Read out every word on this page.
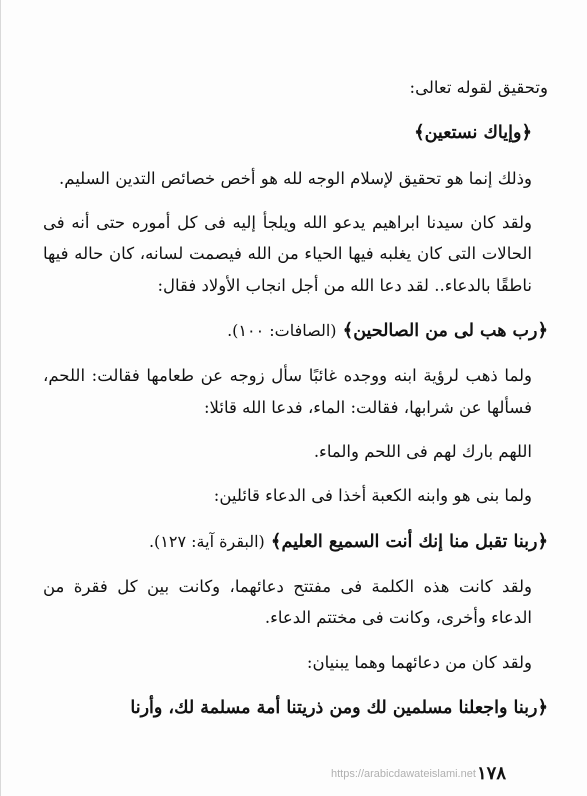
وتحقيق لقوله تعالى:

﴿وإياك نستعين﴾

وذلك إنما هو تحقيق لإسلام الوجه لله هو أخص خصائص التدين السليم.

ولقد كان سيدنا ابراهيم يدعو الله ويلجأ إليه فى كل أموره حتى أنه فى الحالات التى كان يغلبه فيها الحياء من الله فيصمت لسانه، كان حاله فيها ناطقًا بالدعاء.. لقد دعا الله من أجل انجاب الأولاد فقال:

﴿رب هب لى من الصالحين﴾ (الصافات: ١٠٠).

ولما ذهب لرؤية ابنه ووجده غائبًا سأل زوجه عن طعامها فقالت: اللحم، فسألها عن شرابها، فقالت: الماء، فدعا الله قائلا:

اللهم بارك لهم فى اللحم والماء.

ولما بنى هو وابنه الكعبة أخذا فى الدعاء قائلين:

﴿ربنا تقبل منا إنك أنت السميع العليم﴾ (البقرة آية: ١٢٧).

ولقد كانت هذه الكلمة فى مفتتح دعائهما، وكانت بين كل فقرة من الدعاء وأخرى، وكانت فى مختتم الدعاء.

ولقد كان من دعائهما وهما يبنيان:

﴿ربنا واجعلنا مسلمين لك ومن ذريتنا أمة مسلمة لك، وأرنا

https://arabicdawateislami.net ١٧٨
